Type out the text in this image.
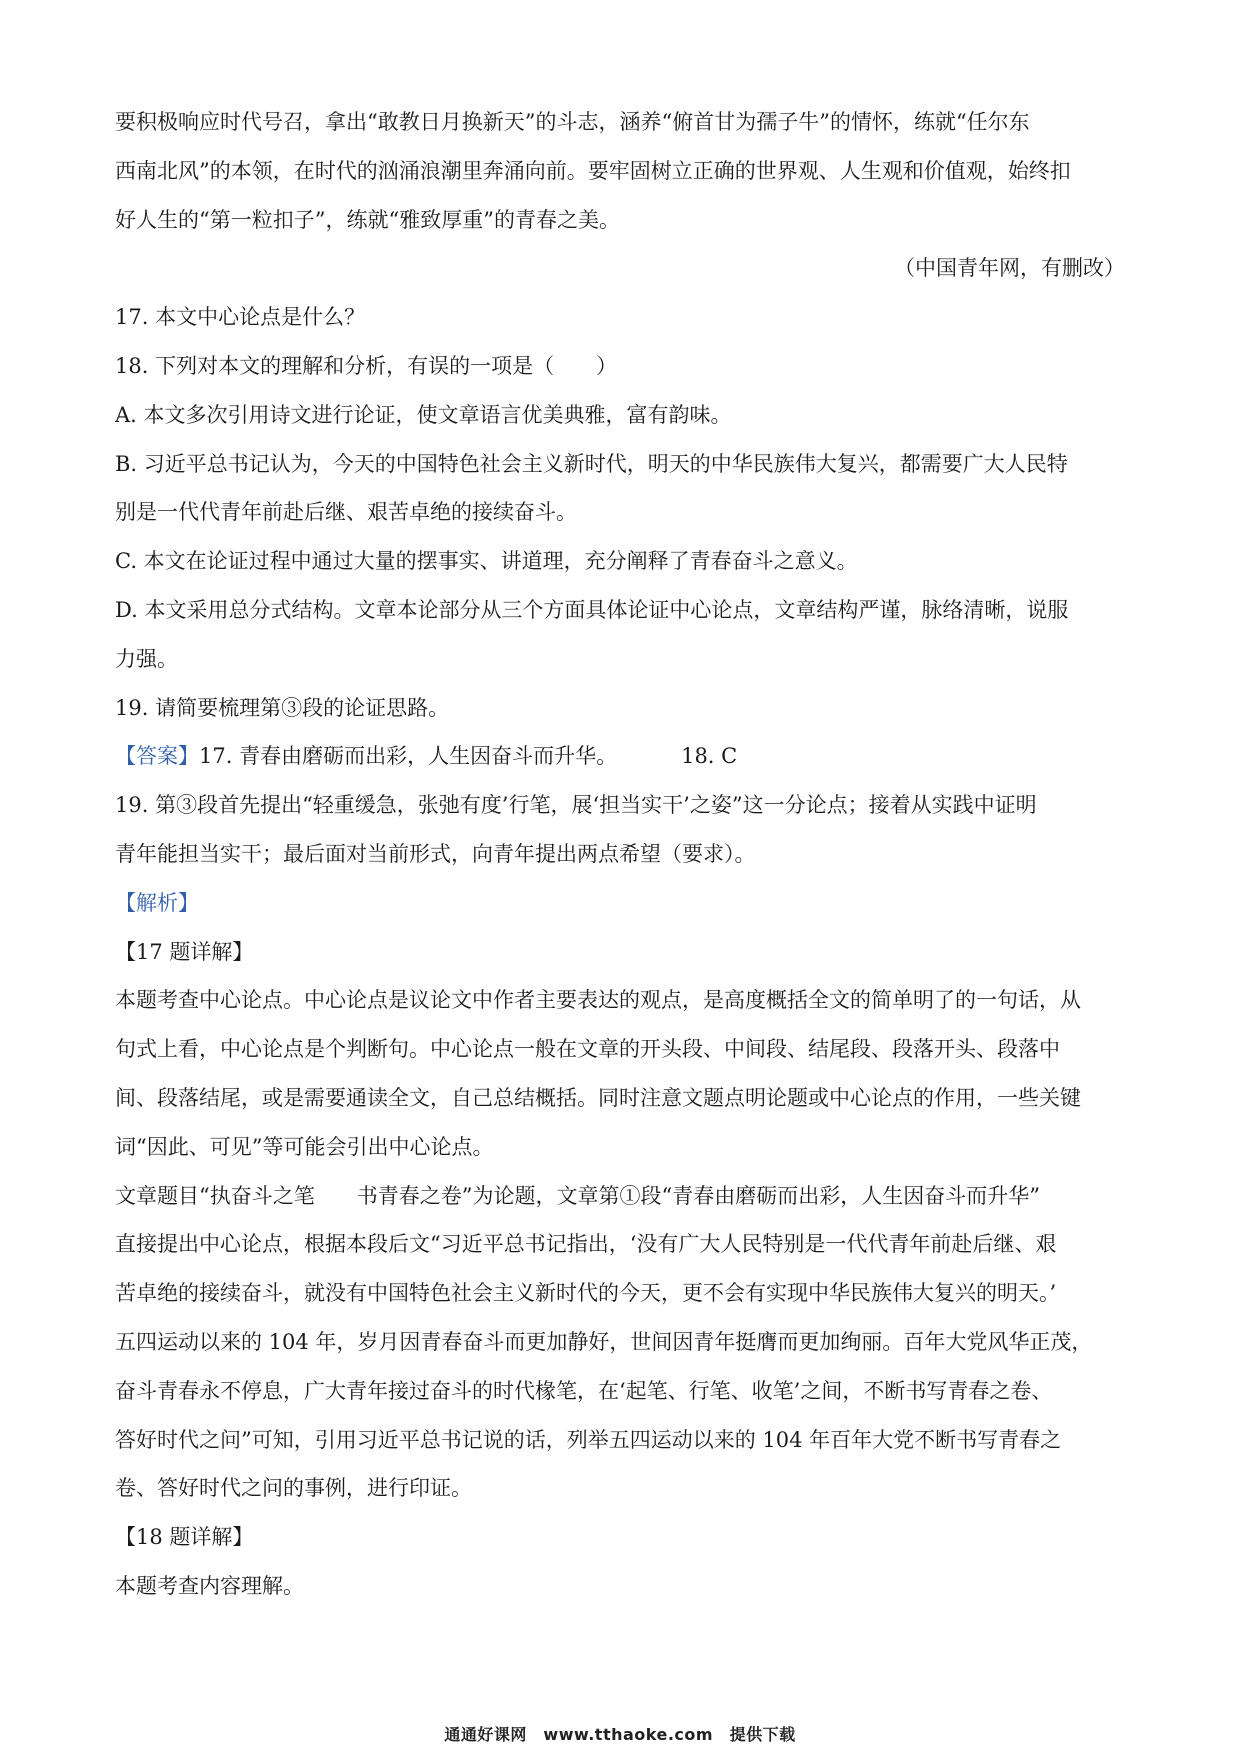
要积极响应时代号召，拿出“敢教日月换新天”的斗志，涵养“俯首甘为孺子牛”的情怀，练就“任尔东
西南北风”的本领，在时代的汹涌浪潮里奔涌向前。要牢固树立正确的世界观、人生观和价值观，始终扣
好人生的“第一粒扣子”，练就“雅致厚重”的青春之美。
（中国青年网，有删改）
17. 本文中心论点是什么？
18. 下列对本文的理解和分析，有误的一项是（　　）
A. 本文多次引用诗文进行论证，使文章语言优美典雅，富有韵味。
B. 习近平总书记认为，今天的中国特色社会主义新时代，明天的中华民族伟大复兴，都需要广大人民特
别是一代代青年前赴后继、艰苦卓绝的接续奋斗。
C. 本文在论证过程中通过大量的摆事实、讲道理，充分阐释了青春奋斗之意义。
D. 本文采用总分式结构。文章本论部分从三个方面具体论证中心论点，文章结构严谨，脉络清晰，说服
力强。
19. 请简要梳理第③段的论证思路。
【答案】17. 青春由磨砺而出彩，人生因奋斗而升华。	18. C
19. 第③段首先提出“轻重缓急，张弛有度’行笔，展‘担当实干’之姿”这一分论点；接着从实践中证明
青年能担当实干；最后面对当前形式，向青年提出两点希望（要求）。
【解析】
【17 题详解】
本题考查中心论点。中心论点是议论文中作者主要表达的观点，是高度概括全文的简单明了的一句话，从
句式上看，中心论点是个判断句。中心论点一般在文章的开头段、中间段、结尾段、段落开头、段落中
间、段落结尾，或是需要通读全文，自己总结概括。同时注意文题点明论题或中心论点的作用，一些关键
词“因此、可见”等可能会引出中心论点。
文章题目“执奋斗之笔　　书青春之卷”为论题，文章第①段“青春由磨砺而出彩，人生因奋斗而升华”
直接提出中心论点，根据本段后文“习近平总书记指出，‘没有广大人民特别是一代代青年前赴后继、艰
苦卓绝的接续奋斗，就没有中国特色社会主义新时代的今天，更不会有实现中华民族伟大复兴的明天。’
五四运动以来的 104 年，岁月因青春奋斗而更加静好，世间因青年挺膺而更加绚丽。百年大党风华正茂，
奋斗青春永不停息，广大青年接过奋斗的时代椽笔，在‘起笔、行笔、收笔’之间，不断书写青春之卷、
答好时代之问”可知，引用习近平总书记说的话，列举五四运动以来的 104 年百年大党不断书写青春之
卷、答好时代之问的事例，进行印证。
【18 题详解】
本题考查内容理解。
通通好课网　www.tthaoke.com　提供下载
